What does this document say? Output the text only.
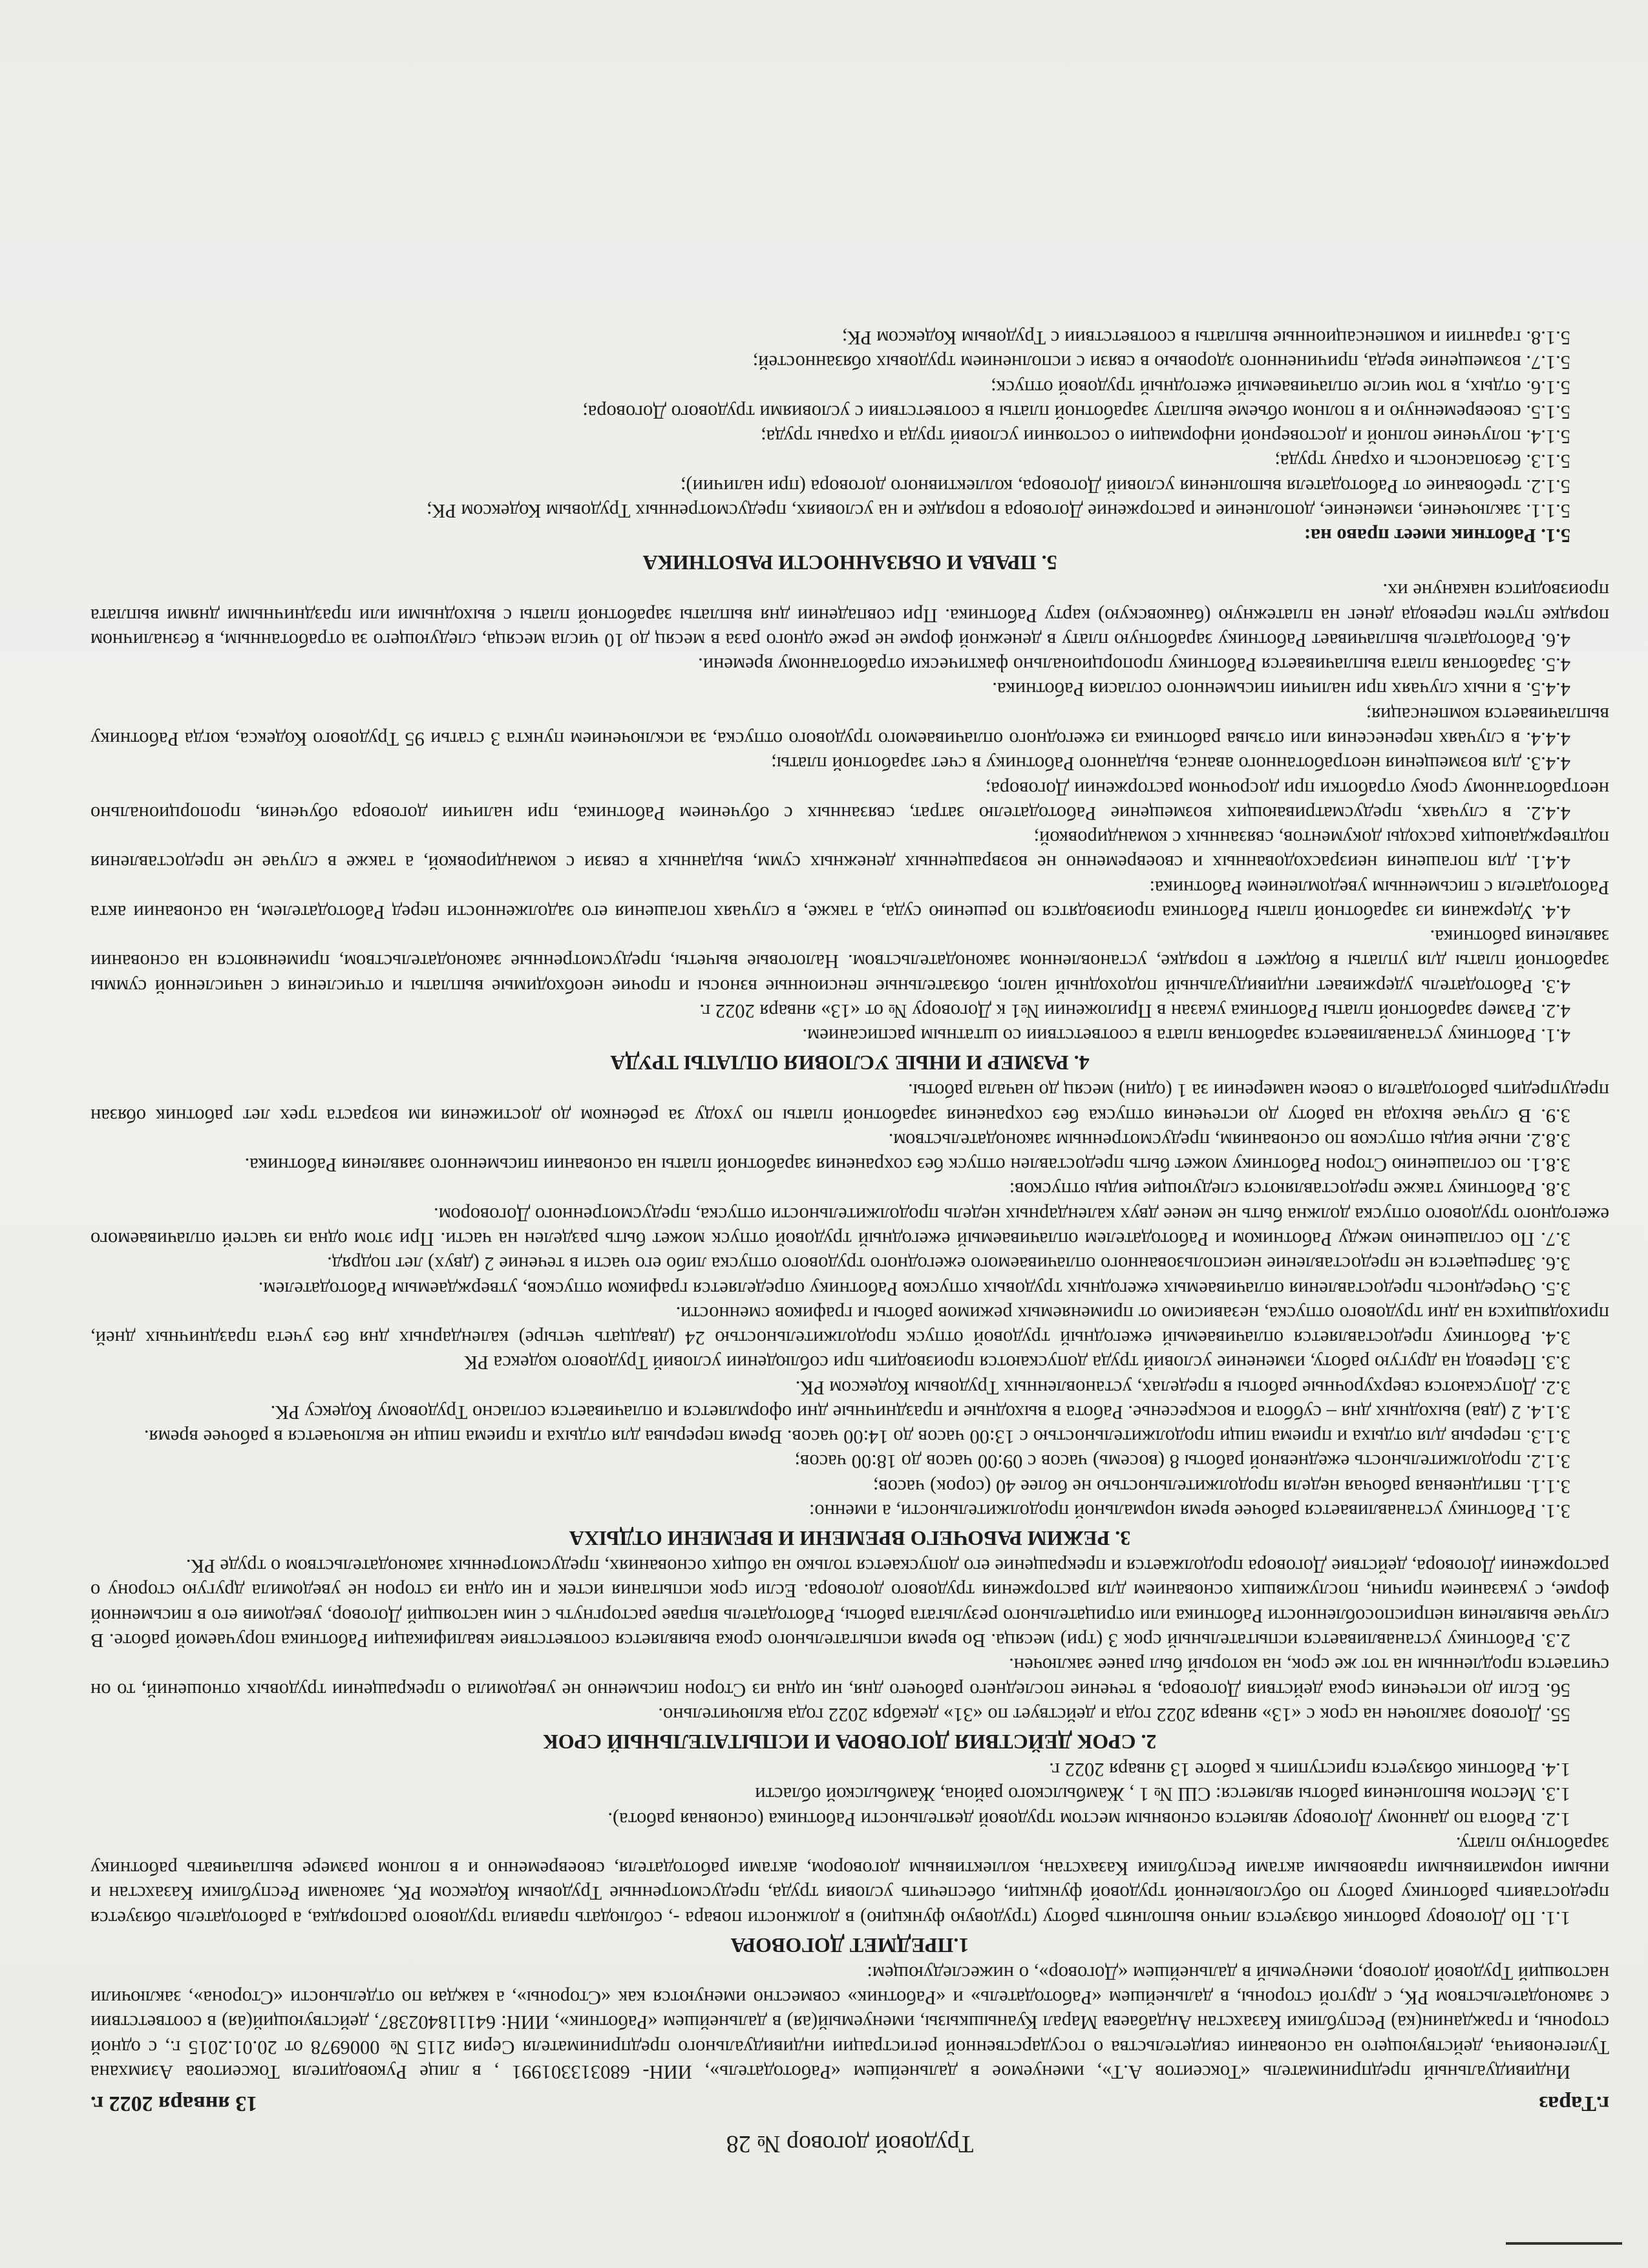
Трудовой договор № 28
г.Тараз
13 января 2022 г.

Индивидуальный предприниматель «Токсеитов А.Т», именуемое в дальнейшем «Работодатель», ИИН- 680313301991 , в лице Руководителя Токсеитова Азимхана Тулегеновича, действующего на основании свидетельства о государственной регистрации индивидуального предпринимателя Серия 2115 № 0006978 от 20.01.2015 г., с одной стороны, и гражданин(ка) Республики Казахстан Андабаева Марал Куанышкызы, именуемый(ая) в дальнейшем «Работник», ИИН: 641118402387, действующий(ая) в соответствии с законодательством РК, с другой стороны, в дальнейшем «Работодатель» и «Работник» совместно именуются как «Стороны», а каждая по отдельности «Сторона», заключили настоящий Трудовой договор, именуемый в дальнейшем «Договор», о нижеследующем:

1.ПРЕДМЕТ ДОГОВОРА

1.1. По Договору работник обязуется лично выполнять работу (трудовую функцию) в должности повара -, соблюдать правила трудового распорядка, а работодатель обязуется предоставить работнику работу по обусловленной трудовой функции, обеспечить условия труда, предусмотренные Трудовым Кодексом РК, законами Республики Казахстан и иными нормативными правовыми актами Республики Казахстан, коллективным договором, актами работодателя, своевременно и в полном размере выплачивать работнику заработную плату.

1.2. Работа по данному Договору является основным местом трудовой деятельности Работника (основная работа).

1.3. Местом выполнения работы является: СШ № 1 , Жамбылского района, Жамбылской области

1.4. Работник обязуется приступить к работе 13 января 2022 г.

2. СРОК ДЕЙСТВИЯ ДОГОВОРА И ИСПЫТАТЕЛЬНЫЙ СРОК

55. Договор заключен на срок с «13» января 2022 года и действует по «31» декабря 2022 года включительно.

56. Если до истечения срока действия Договора, в течение последнего рабочего дня, ни одна из Сторон письменно не уведомила о прекращении трудовых отношений, то он считается продленным на тот же срок, на который был ранее заключен.

2.3. Работнику устанавливается испытательный срок 3 (три) месяца. Во время испытательного срока выявляется соответствие квалификации Работника поручаемой работе. В случае выявления неприспособленности Работника или отрицательного результата работы, Работодатель вправе расторгнуть с ним настоящий Договор, уведомив его в письменной форме, с указанием причин, послуживших основанием для расторжения трудового договора. Если срок испытания истек и ни одна из сторон не уведомила другую сторону о расторжении Договора, действие Договора продолжается и прекращение его допускается только на общих основаниях, предусмотренных законодательством о труде РК.

3. РЕЖИМ РАБОЧЕГО ВРЕМЕНИ И ВРЕМЕНИ ОТДЫХА

3.1. Работнику устанавливается рабочее время нормальной продолжительности, а именно:

3.1.1. пятидневная рабочая неделя продолжительностью не более 40 (сорок) часов;

3.1.2. продолжительность ежедневной работы 8 (восемь) часов с 09:00 часов до 18:00 часов;

3.1.3. перерыв для отдыха и приема пищи продолжительностью с 13:00 часов до 14:00 часов. Время перерыва для отдыха и приема пищи не включается в рабочее время.

3.1.4. 2 (два) выходных дня – суббота и воскресенье. Работа в выходные и праздничные дни оформляется и оплачивается согласно Трудовому Кодексу РК.

3.2. Допускаются сверхурочные работы в пределах, установленных Трудовым Кодексом РК.

3.3. Перевод на другую работу, изменение условий труда допускаются производить при соблюдении условий Трудового кодекса РК

3.4. Работнику предоставляется оплачиваемый ежегодный трудовой отпуск продолжительностью 24 (двадцать четыре) календарных дня без учета праздничных дней, приходящихся на дни трудового отпуска, независимо от применяемых режимов работы и графиков сменности.

3.5. Очередность предоставления оплачиваемых ежегодных трудовых отпусков Работнику определяется графиком отпусков, утверждаемым Работодателем.

3.6. Запрещается не предоставление неиспользованного оплачиваемого ежегодного трудового отпуска либо его части в течение 2 (двух) лет подряд.

3.7. По соглашению между Работником и Работодателем оплачиваемый ежегодный трудовой отпуск может быть разделен на части. При этом одна из частей оплачиваемого ежегодного трудового отпуска должна быть не менее двух календарных недель продолжительности отпуска, предусмотренного Договором.

3.8. Работнику также предоставляются следующие виды отпусков:

3.8.1. по соглашению Сторон Работнику может быть предоставлен отпуск без сохранения заработной платы на основании письменного заявления Работника.

3.8.2. иные виды отпусков по основаниям, предусмотренным законодательством.

3.9. В случае выхода на работу до истечения отпуска без сохранения заработной платы по уходу за ребенком до достижения им возраста трех лет работник обязан предупредить работодателя о своем намерении за 1 (один) месяц до начала работы.

4. РАЗМЕР И ИНЫЕ УСЛОВИЯ ОПЛАТЫ ТРУДА

4.1. Работнику устанавливается заработная плата в соответствии со штатным расписанием.

4.2. Размер заработной платы Работника указан в Приложении №1 к Договору № от «13» января 2022 г.

4.3. Работодатель удерживает индивидуальный подоходный налог, обязательные пенсионные взносы и прочие необходимые выплаты и отчисления с начисленной суммы заработной платы для уплаты в бюджет в порядке, установленном законодательством. Налоговые вычеты, предусмотренные законодательством, применяются на основании заявления работника.

4.4. Удержания из заработной платы Работника производятся по решению суда, а также, в случаях погашения его задолженности перед Работодателем, на основании акта Работодателя с письменным уведомлением Работника:

4.4.1. для погашения неизрасходованных и своевременно не возвращенных денежных сумм, выданных в связи с командировкой, а также в случае не предоставления подтверждающих расходы документов, связанных с командировкой;

4.4.2. в случаях, предусматривающих возмещение Работодателю затрат, связанных с обучением Работника, при наличии договора обучения, пропорционально неотработанному сроку отработки при досрочном расторжении Договора;

4.4.3. для возмещения неотработанного аванса, выданного Работнику в счет заработной платы;

4.4.4. в случаях перенесения или отзыва работника из ежегодного оплачиваемого трудового отпуска, за исключением пункта 3 статьи 95 Трудового Кодекса, когда Работнику выплачивается компенсация;

4.4.5. в иных случаях при наличии письменного согласия Работника.

4.5. Заработная плата выплачивается Работнику пропорционально фактически отработанному времени.

4.6. Работодатель выплачивает Работнику заработную плату в денежной форме не реже одного раза в месяц до 10 числа месяца, следующего за отработанным, в безналичном порядке путем перевода денег на платежную (банковскую) карту Работника. При совпадении дня выплаты заработной платы с выходными или праздничными днями выплата производится накануне их.

5. ПРАВА И ОБЯЗАННОСТИ РАБОТНИКА

5.1. Работник имеет право на:

5.1.1. заключение, изменение, дополнение и расторжение Договора в порядке и на условиях, предусмотренных Трудовым Кодексом РК;

5.1.2. требование от Работодателя выполнения условий Договора, коллективного договора (при наличии);

5.1.3. безопасность и охрану труда;

5.1.4. получение полной и достоверной информации о состоянии условий труда и охраны труда;

5.1.5. своевременную и в полном объеме выплату заработной платы в соответствии с условиями трудового Договора;

5.1.6. отдых, в том числе оплачиваемый ежегодный трудовой отпуск;

5.1.7. возмещение вреда, причиненного здоровью в связи с исполнением трудовых обязанностей;

5.1.8. гарантии и компенсационные выплаты в соответствии с Трудовым Кодексом РК;
